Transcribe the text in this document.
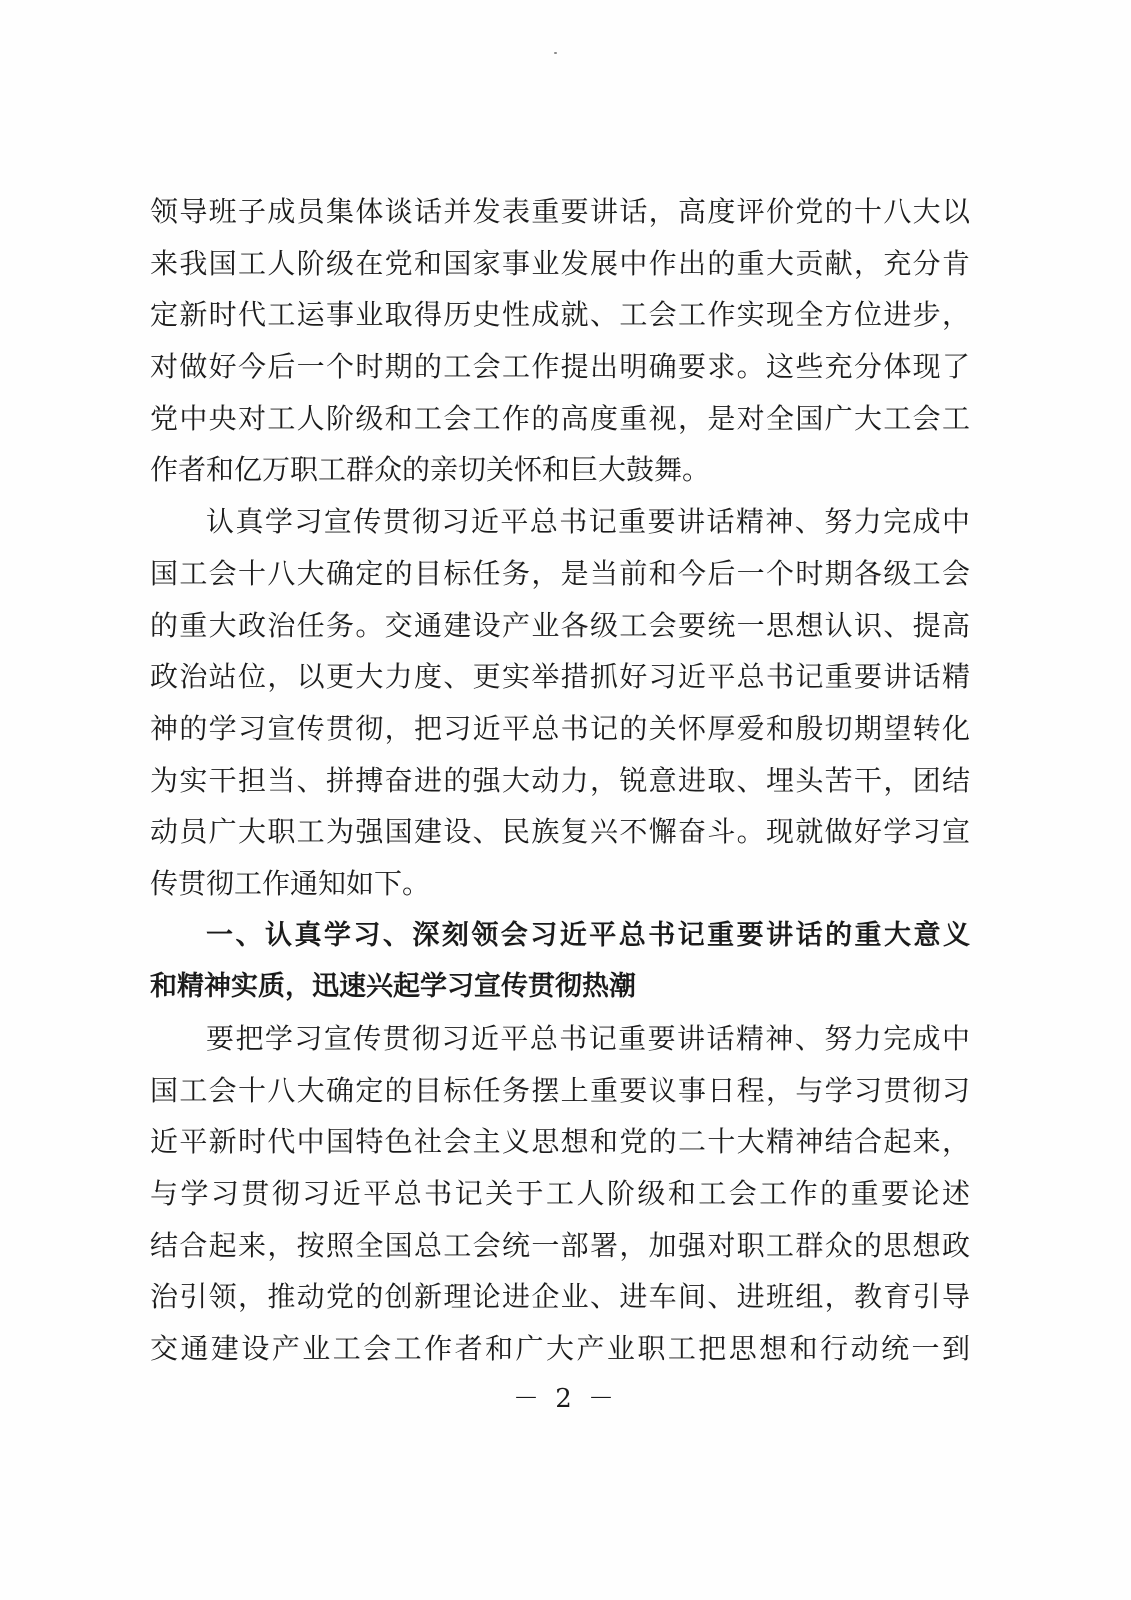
领导班子成员集体谈话并发表重要讲话，高度评价党的十八大以
来我国工人阶级在党和国家事业发展中作出的重大贡献，充分肯
定新时代工运事业取得历史性成就、工会工作实现全方位进步，
对做好今后一个时期的工会工作提出明确要求。这些充分体现了
党中央对工人阶级和工会工作的高度重视，是对全国广大工会工
作者和亿万职工群众的亲切关怀和巨大鼓舞。
认真学习宣传贯彻习近平总书记重要讲话精神、努力完成中
国工会十八大确定的目标任务，是当前和今后一个时期各级工会
的重大政治任务。交通建设产业各级工会要统一思想认识、提高
政治站位，以更大力度、更实举措抓好习近平总书记重要讲话精
神的学习宣传贯彻，把习近平总书记的关怀厚爱和殷切期望转化
为实干担当、拼搏奋进的强大动力，锐意进取、埋头苦干，团结
动员广大职工为强国建设、民族复兴不懈奋斗。现就做好学习宣
传贯彻工作通知如下。
一、认真学习、深刻领会习近平总书记重要讲话的重大意义
和精神实质，迅速兴起学习宣传贯彻热潮
要把学习宣传贯彻习近平总书记重要讲话精神、努力完成中
国工会十八大确定的目标任务摆上重要议事日程，与学习贯彻习
近平新时代中国特色社会主义思想和党的二十大精神结合起来，
与学习贯彻习近平总书记关于工人阶级和工会工作的重要论述
结合起来，按照全国总工会统一部署，加强对职工群众的思想政
治引领，推动党的创新理论进企业、进车间、进班组，教育引导
交通建设产业工会工作者和广大产业职工把思想和行动统一到
－ 2 －
